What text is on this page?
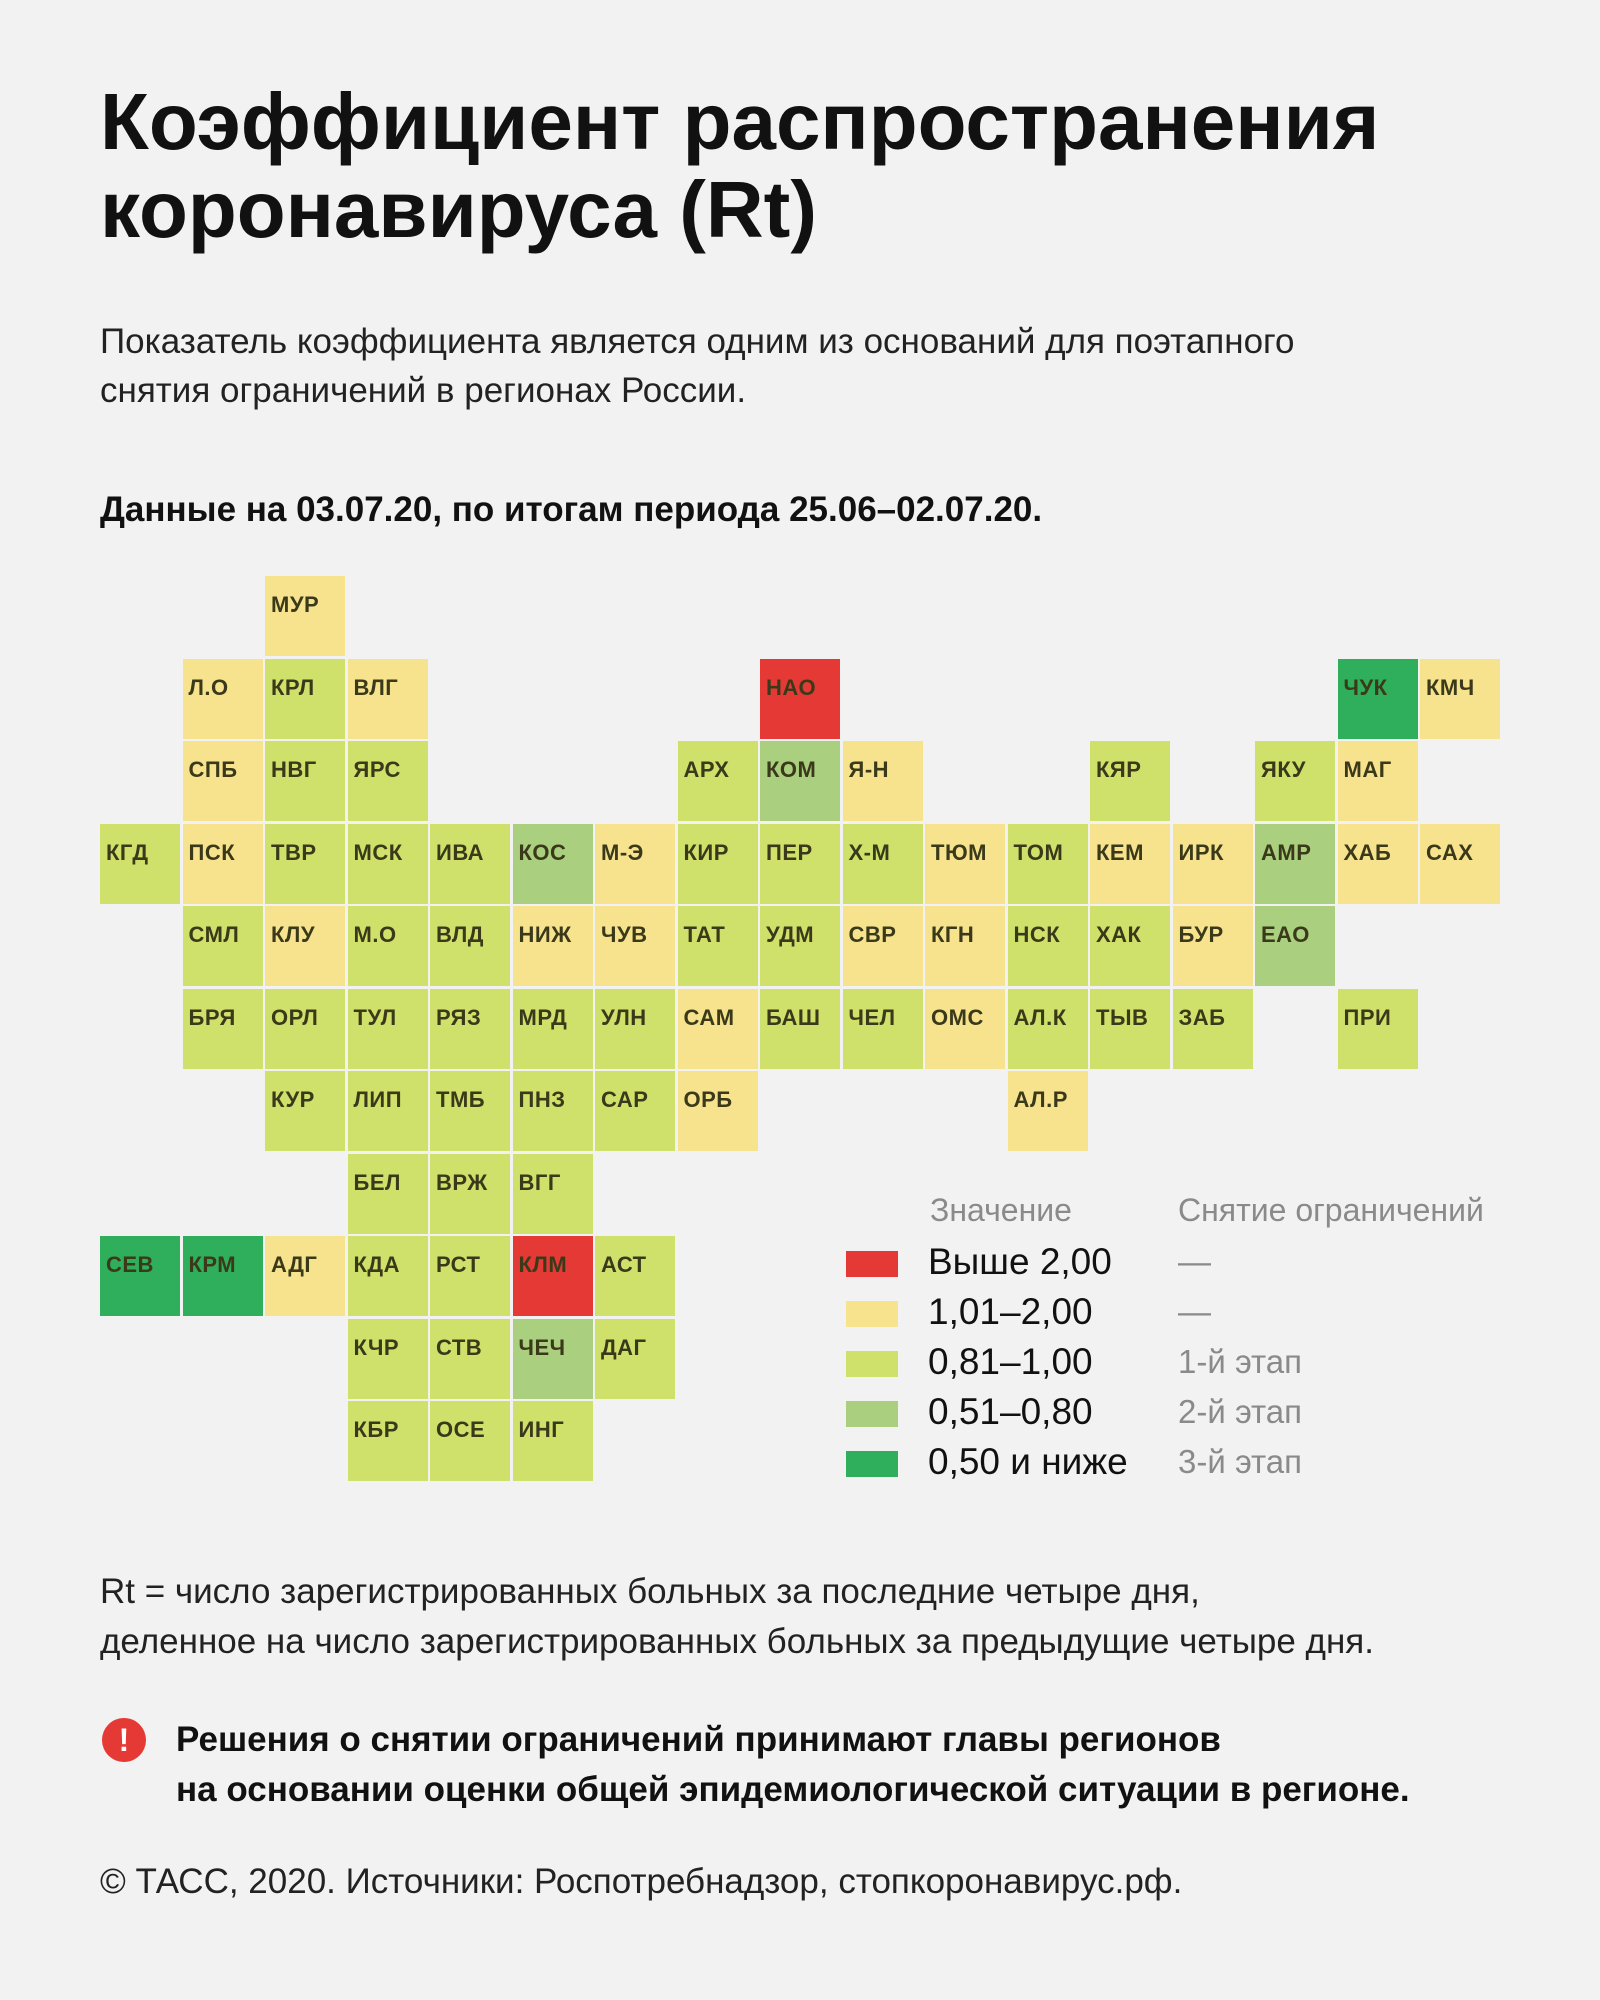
Коэффициент распространения
коронавируса (Rt)

Показатель коэффициента является одним из оснований для поэтапного
снятия ограничений в регионах России.

Данные на 03.07.20, по итогам периода 25.06–02.07.20.

МУР
Л.О	КРЛ	ВЛГ	НАО	ЧУК	КМЧ
СПБ	НВГ	ЯРС	АРХ	КОМ	Я-Н	КЯР	ЯКУ	МАГ
КГД	ПСК	ТВР	МСК	ИВА	КОС	М-Э	КИР	ПЕР	Х-М	ТЮМ	ТОМ	КЕМ	ИРК	АМР	ХАБ	САХ
СМЛ	КЛУ	М.О	ВЛД	НИЖ	ЧУВ	ТАТ	УДМ	СВР	КГН	НСК	ХАК	БУР	ЕАО
БРЯ	ОРЛ	ТУЛ	РЯЗ	МРД	УЛН	САМ	БАШ	ЧЕЛ	ОМС	АЛ.К	ТЫВ	ЗАБ	ПРИ
КУР	ЛИП	ТМБ	ПНЗ	САР	ОРБ	АЛ.Р
БЕЛ	ВРЖ	ВГГ
СЕВ	КРМ	АДГ	КДА	РСТ	КЛМ	АСТ
КЧР	СТВ	ЧЕЧ	ДАГ
КБР	ОСЕ	ИНГ
Значение	Снятие ограничений
Выше 2,00 —
1,01–2,00	—
0,81–1,00	1-й этап
0,51–0,80	2-й этап
0,50 и ниже 3-й этап

Rt = число зарегистрированных больных за последние четыре дня,
деленное на число зарегистрированных больных за предыдущие четыре дня.

!	Решения о снятии ограничений принимают главы регионов
на основании оценки общей эпидемиологической ситуации в регионе.

© ТАСС, 2020. Источники: Роспотребнадзор, стопкоронавирус.рф.
